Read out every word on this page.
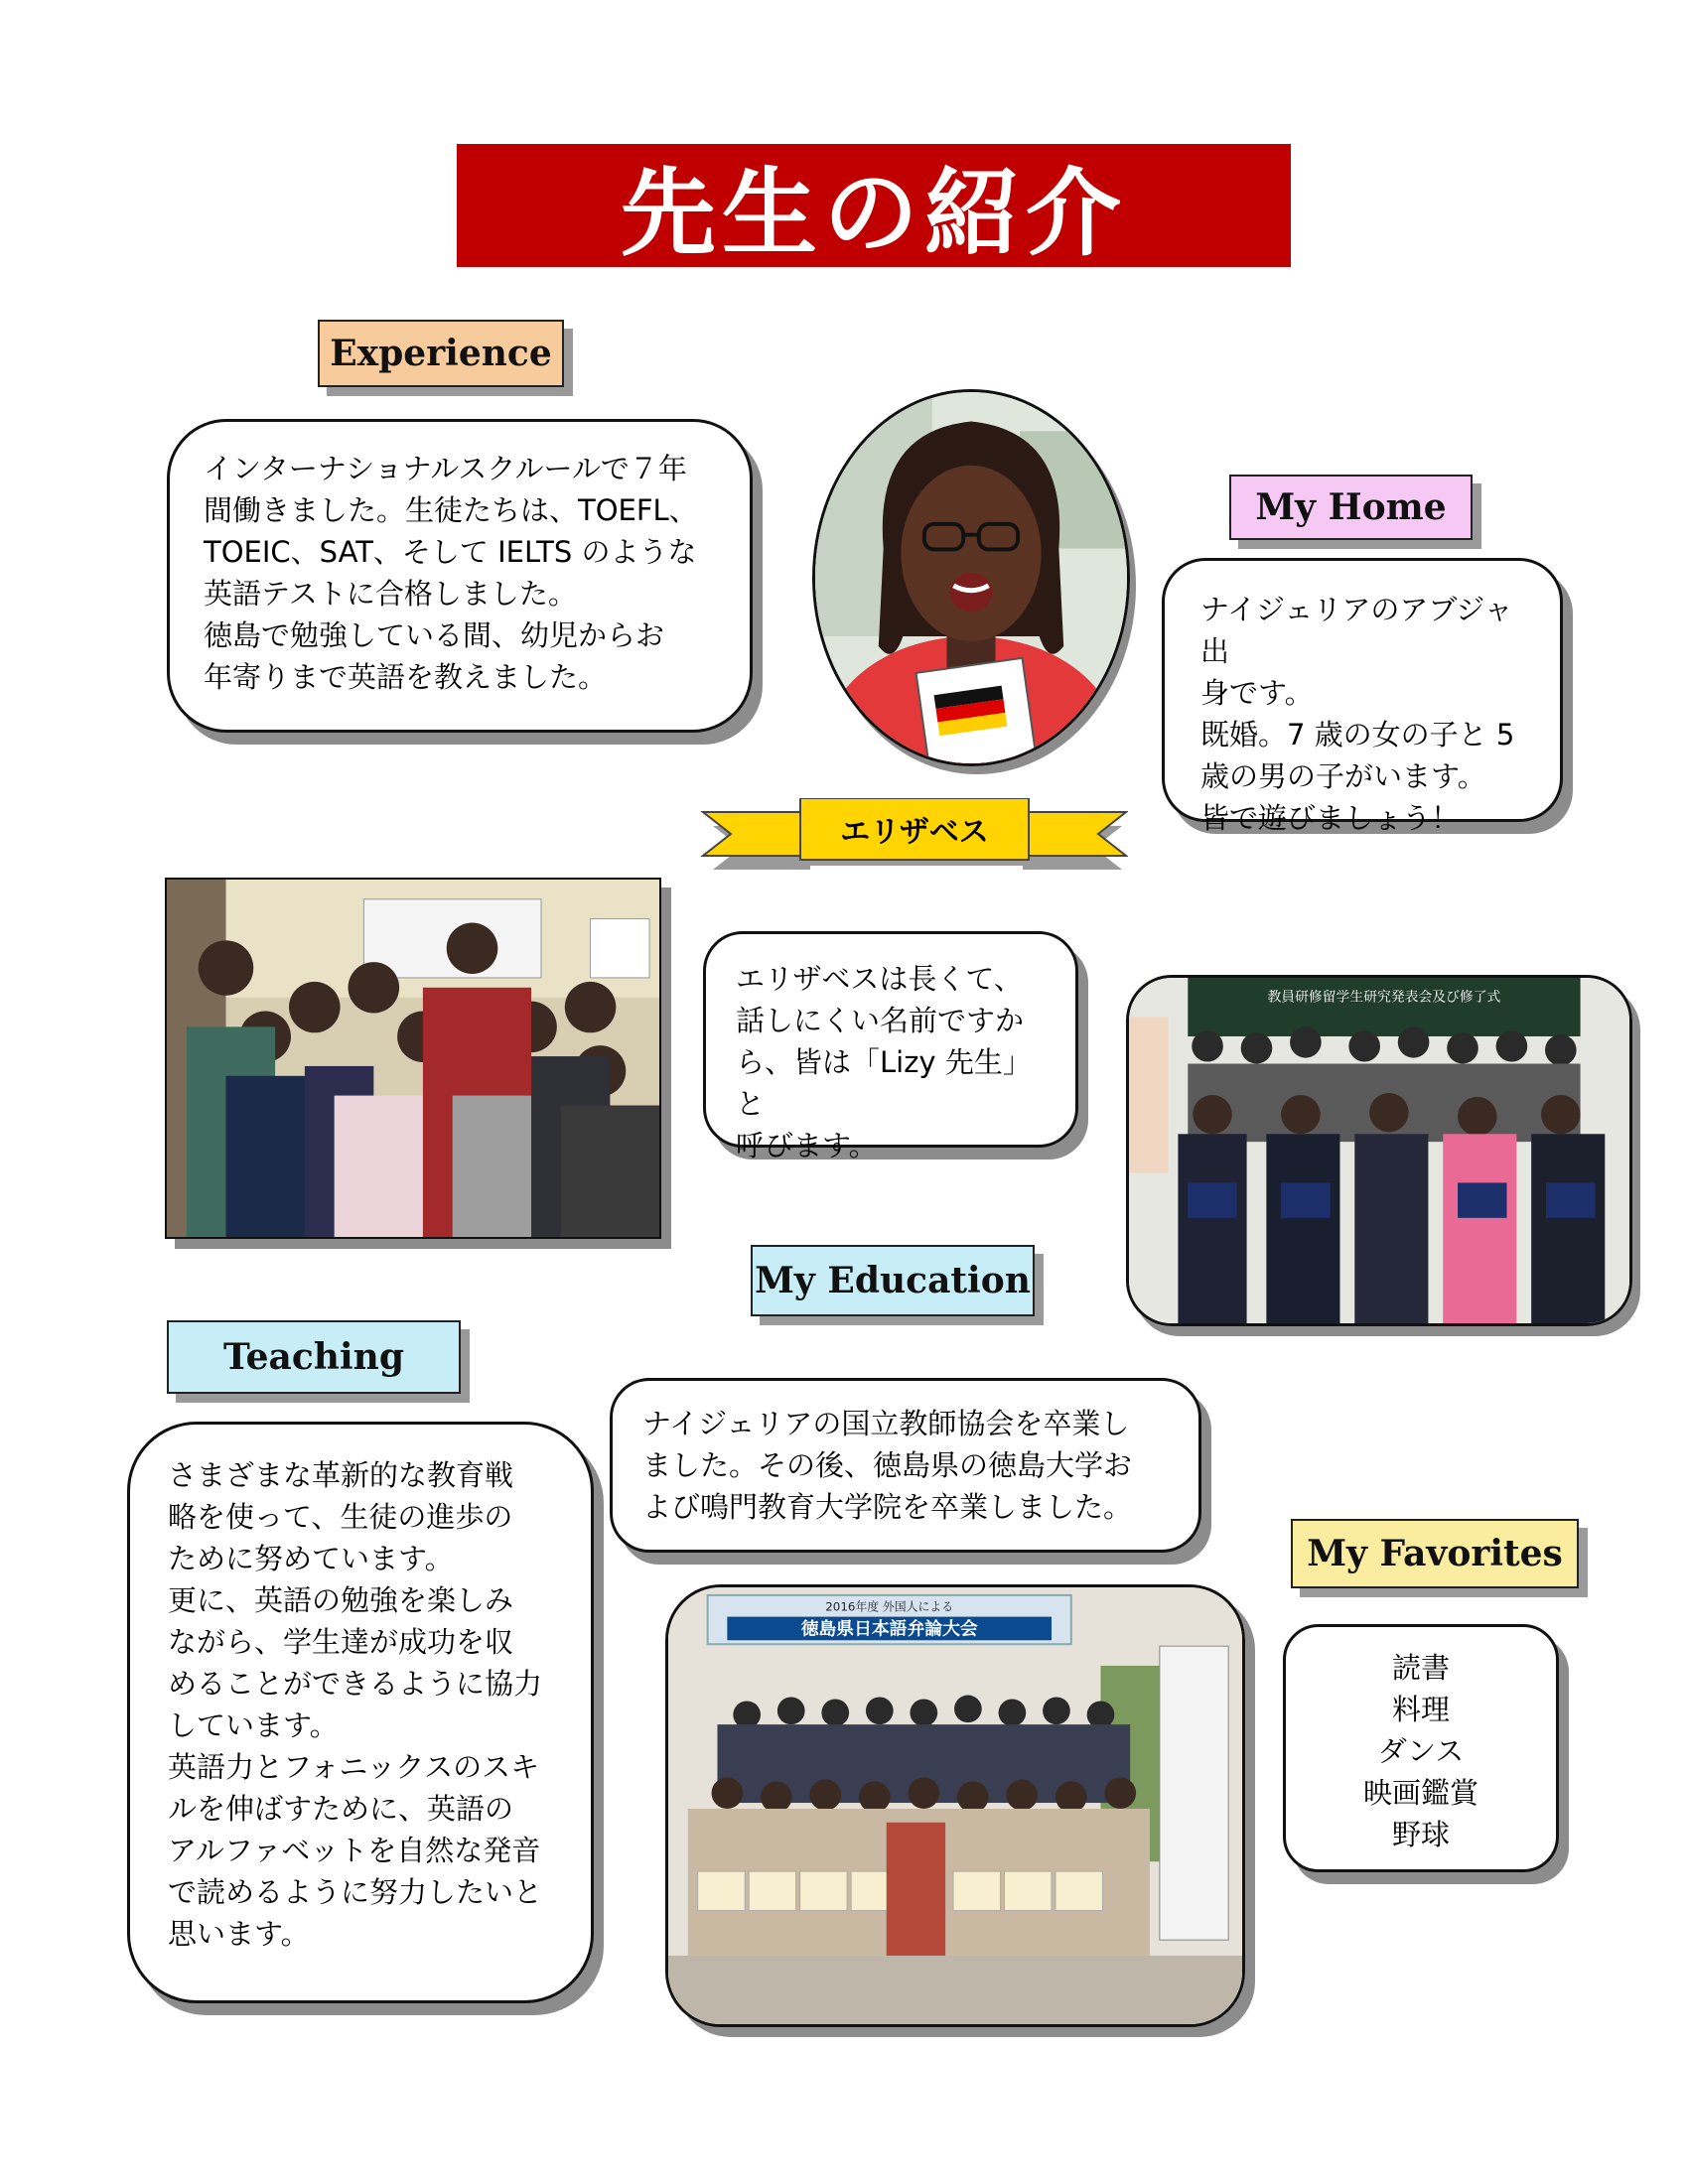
先生の紹介
Experience
インターナショナルスクルールで７年
間働きました。生徒たちは、TOEFL、
TOEIC、SAT、そして IELTS のような
英語テストに合格しました。
徳島で勉強している間、幼児からお
年寄りまで英語を教えました。
My Home
ナイジェリアのアブジャ出
身です。
既婚。7 歳の女の子と 5
歳の男の子がいます。
皆で遊びましょう！
エリザベス
エリザベスは長くて、
話しにくい名前ですか
ら、皆は「Lizy 先生」と
呼びます。
教員研修留学生研究発表会及び修了式
My Education
Teaching
ナイジェリアの国立教師協会を卒業し
ました。その後、徳島県の徳島大学お
よび鳴門教育大学院を卒業しました。
さまざまな革新的な教育戦
略を使って、生徒の進歩の
ために努めています。
更に、英語の勉強を楽しみ
ながら、学生達が成功を収
めることができるように協力
しています。
英語力とフォニックスのスキ
ルを伸ばすために、英語の
アルファベットを自然な発音
で読めるように努力したいと
思います。
My Favorites
2016年度 外国人による
徳島県日本語弁論大会
読書
料理
ダンス
映画鑑賞
野球
